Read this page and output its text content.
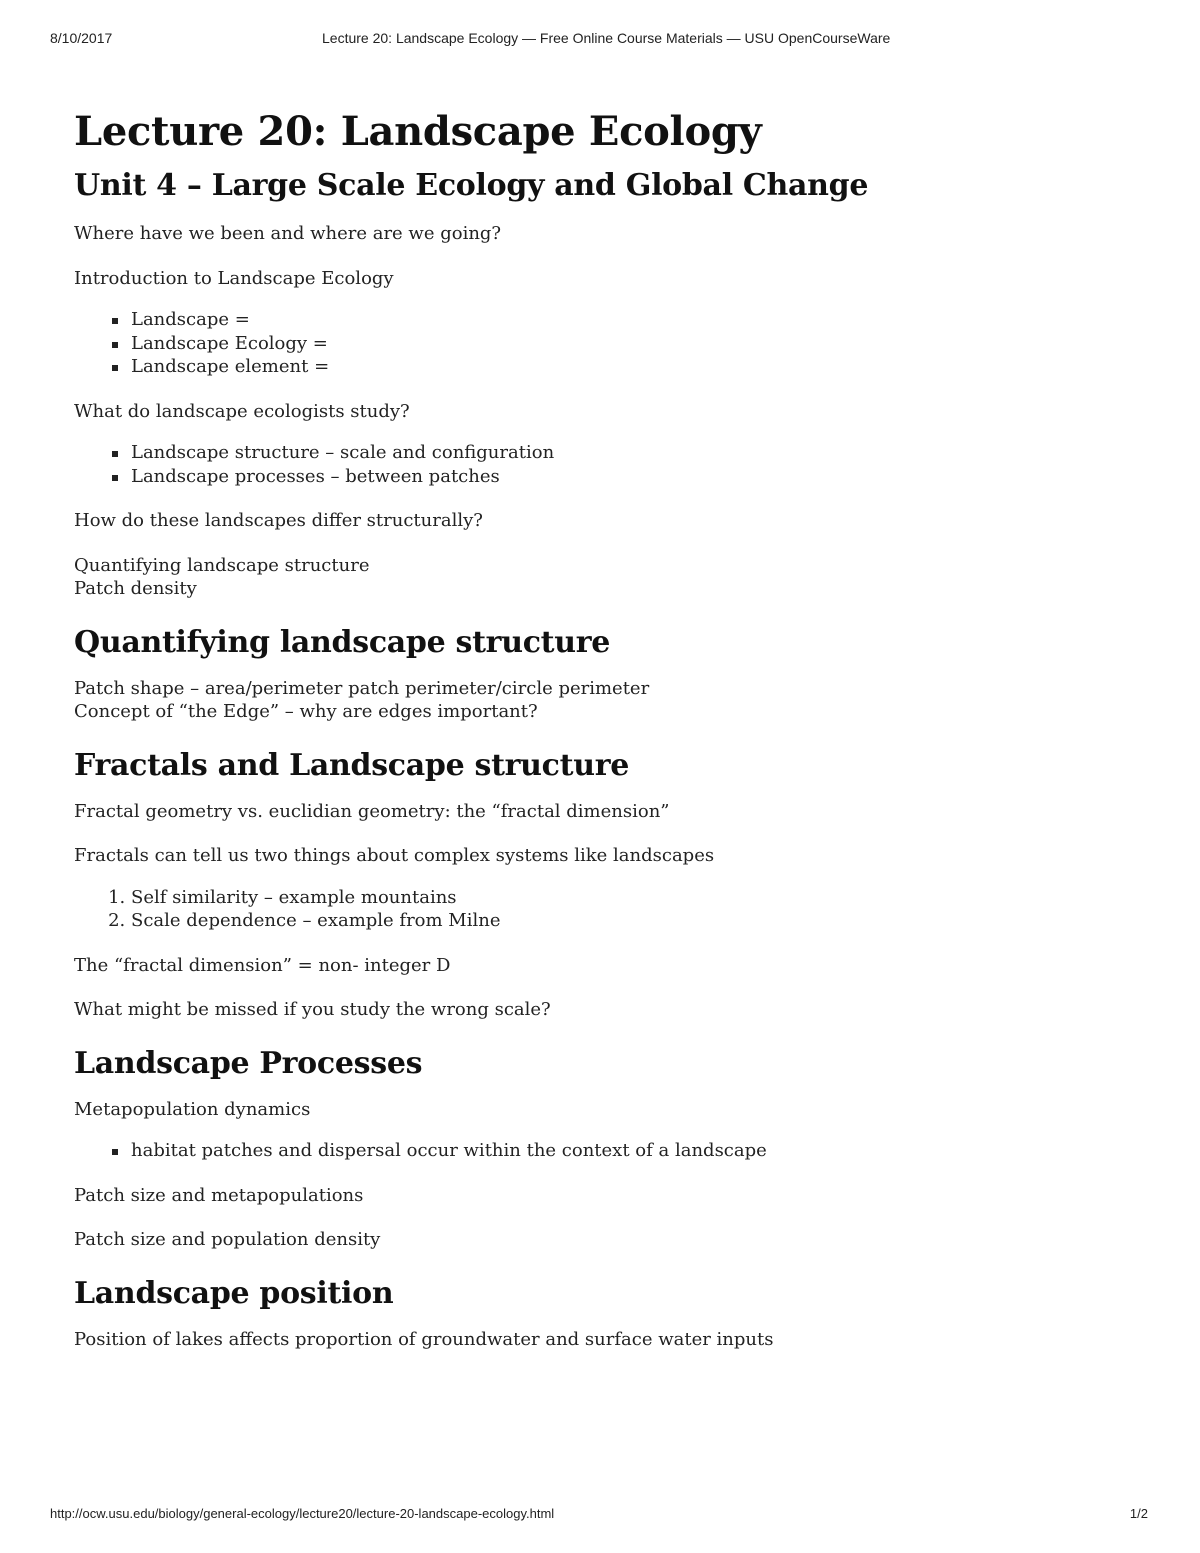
8/10/2017	Lecture 20: Landscape Ecology — Free Online Course Materials — USU OpenCourseWare
Lecture 20: Landscape Ecology
Unit 4 – Large Scale Ecology and Global Change

Where have we been and where are we going?

Introduction to Landscape Ecology

Landscape =
Landscape Ecology =
Landscape element =

What do landscape ecologists study?

Landscape structure – scale and configuration
Landscape processes – between patches

How do these landscapes differ structurally?

Quantifying landscape structure
Patch density

Quantifying landscape structure

Patch shape – area/perimeter patch perimeter/circle perimeter
Concept of “the Edge” – why are edges important?

Fractals and Landscape structure

Fractal geometry vs. euclidian geometry: the “fractal dimension”

Fractals can tell us two things about complex systems like landscapes

1. Self similarity – example mountains
2. Scale dependence – example from Milne

The “fractal dimension” = non- integer D

What might be missed if you study the wrong scale?

Landscape Processes

Metapopulation dynamics

habitat patches and dispersal occur within the context of a landscape

Patch size and metapopulations

Patch size and population density

Landscape position

Position of lakes affects proportion of groundwater and surface water inputs

http://ocw.usu.edu/biology/general-ecology/lecture20/lecture-20-landscape-ecology.html	1/2
